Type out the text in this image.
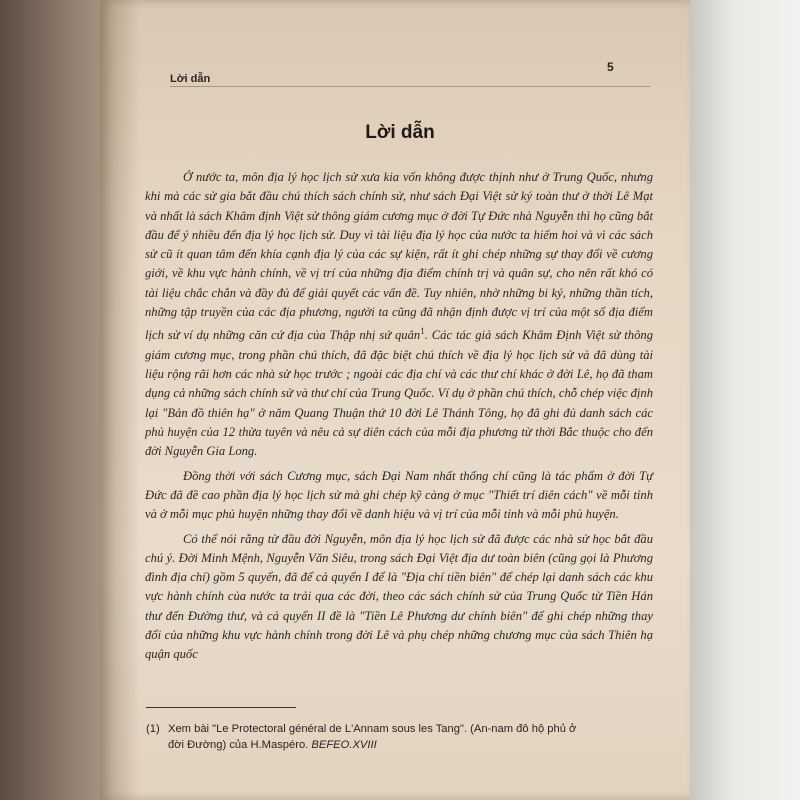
Lời dẫn
5
Lời dẫn

Ở nước ta, môn địa lý học lịch sử xưa kia vốn không được thịnh như ở Trung Quốc, nhưng khi mà các sử gia bắt đầu chú thích sách chính sử, như sách Đại Việt sử ký toàn thư ở thời Lê Mạt và nhất là sách Khâm định Việt sử thông giám cương mục ở đời Tự Đức nhà Nguyễn thì họ cũng bắt đầu để ý nhiều đến địa lý học lịch sử. Duy vì tài liệu địa lý học của nước ta hiếm hoi và vì các sách sử cũ ít quan tâm đến khía cạnh địa lý của các sự kiện, rất ít ghi chép những sự thay đổi về cương giới, về khu vực hành chính, về vị trí của những địa điểm chính trị và quân sự, cho nên rất khó có tài liệu chắc chắn và đầy đủ để giải quyết các vấn đề. Tuy nhiên, nhờ những bi ký, những thần tích, những tập truyền của các địa phương, người ta cũng đã nhận định được vị trí của một số địa điểm lịch sử ví dụ những căn cứ địa của Thập nhị sứ quân$^1$. Các tác giả sách Khâm Định Việt sử thông giám cương mục, trong phần chú thích, đã đặc biệt chú thích về địa lý học lịch sử và đã dùng tài liệu rộng rãi hơn các nhà sử học trước ; ngoài các địa chí và các thư chí khác ở đời Lê, họ đã tham dụng cả những sách chính sử và thư chí của Trung Quốc. Ví dụ ở phần chú thích, chỗ chép việc định lại "Bản đồ thiên hạ" ở năm Quang Thuận thứ 10 đời Lê Thánh Tông, họ đã ghi đủ danh sách các phủ huyện của 12 thừa tuyên và nêu cả sự diên cách của mỗi địa phương từ thời Bắc thuộc cho đến đời Nguyễn Gia Long.

Đồng thời với sách Cương mục, sách Đại Nam nhất thống chí cũng là tác phẩm ở đời Tự Đức đã đề cao phần địa lý học lịch sử mà ghi chép kỹ càng ở mục "Thiết trí diên cách" về mỗi tỉnh và ở mỗi mục phủ huyện những thay đổi về danh hiệu và vị trí của mỗi tỉnh và mỗi phủ huyện.

Có thể nói rằng từ đầu đời Nguyễn, môn địa lý học lịch sử đã được các nhà sử học bắt đầu chú ý. Đời Minh Mệnh, Nguyễn Văn Siêu, trong sách Đại Việt địa dư toàn biên (cũng gọi là Phương đình địa chí) gồm 5 quyển, đã để cả quyển I để là "Địa chí tiền biên" để chép lại danh sách các khu vực hành chính của nước ta trải qua các đời, theo các sách chính sử của Trung Quốc từ Tiền Hán thư đến Đường thư, và cả quyển II đề là "Tiền Lê Phương dư chính biên" để ghi chép những thay đổi của những khu vực hành chính trong đời Lê và phụ chép những chương mục của sách Thiên hạ quận quốc

(1) Xem bài "Le Protectoral général de L'Annam sous les Tang". (An-nam đô hộ phủ ở đời Đường) của H.Maspéro. BEFEO.XVIII
